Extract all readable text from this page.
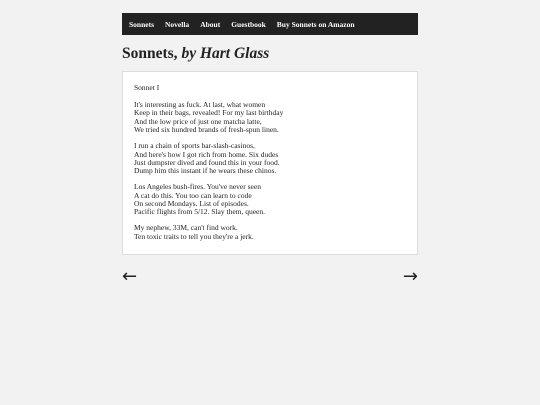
Sonnets Novella About Guestbook Buy Sonnets on Amazon
Sonnets, by Hart Glass
Sonnet I
It's interesting as fuck. At last, what women
Keep in their bags, revealed! For my last birthday
And the low price of just one matcha latte,
We tried six hundred brands of fresh-spun linen.
I run a chain of sports bar-slash-casinos,
And here's how I got rich from home. Six dudes
Just dumpster dived and found this in your food.
Dump him this instant if he wears these chinos.
Los Angeles bush-fires. You've never seen
A cat do this. You too can learn to code
On second Mondays. List of episodes.
Pacific flights from 5/12. Slay them, queen.
My nephew, 33M, can't find work.
Ten toxic traits to tell you they're a jerk.
←	→
